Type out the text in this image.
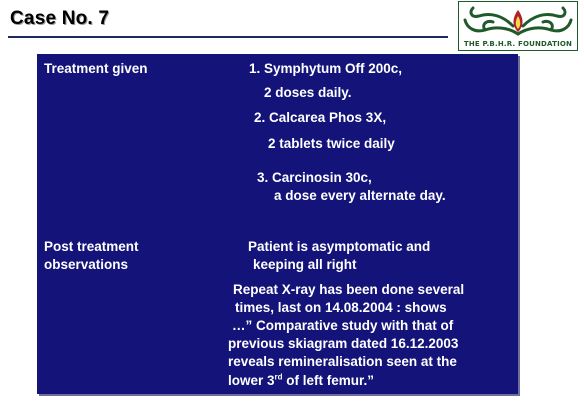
Case No. 7
THE P.B.H.R. FOUNDATION
Treatment given	1. Symphytum Off 200c,
2 doses daily.
2. Calcarea Phos 3X,
2 tablets twice daily
3. Carcinosin 30c,
a dose every alternate day.
Post treatment
observations
Patient is asymptomatic and
keeping all right
Repeat X-ray has been done several
times, last on 14.08.2004 : shows
…” Comparative study with that of
previous skiagram dated 16.12.2003
reveals remineralisation seen at the
lower 3rd of left femur.”
